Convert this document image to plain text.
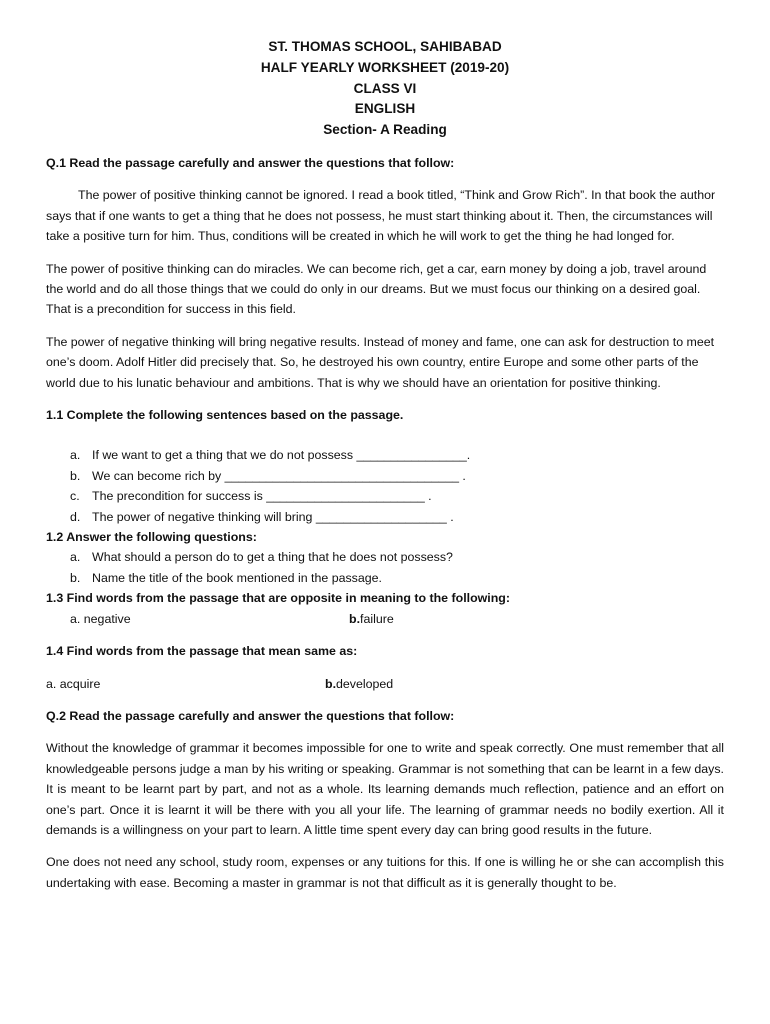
ST. THOMAS SCHOOL, SAHIBABAD
HALF YEARLY WORKSHEET (2019-20)
CLASS VI
ENGLISH
Section- A Reading

Q.1 Read the passage carefully and answer the questions that follow:

The power of positive thinking cannot be ignored. I read a book titled, “Think and Grow Rich”. In that book the author says that if one wants to get a thing that he does not possess, he must start thinking about it. Then, the circumstances will take a positive turn for him. Thus, conditions will be created in which he will work to get the thing he had longed for.

The power of positive thinking can do miracles. We can become rich, get a car, earn money by doing a job, travel around the world and do all those things that we could do only in our dreams. But we must focus our thinking on a desired goal. That is a precondition for success in this field.

The power of negative thinking will bring negative results. Instead of money and fame, one can ask for destruction to meet one’s doom. Adolf Hitler did precisely that. So, he destroyed his own country, entire Europe and some other parts of the world due to his lunatic behaviour and ambitions. That is why we should have an orientation for positive thinking.

1.1 Complete the following sentences based on the passage.

a. If we want to get a thing that we do not possess ________________.
b. We can become rich by __________________________________ .
c. The precondition for success is _______________________ .
d. The power of negative thinking will bring ___________________ .

1.2 Answer the following questions:

a. What should a person do to get a thing that he does not possess?
b. Name the title of the book mentioned in the passage.

1.3 Find words from the passage that are opposite in meaning to the following:

a. negative	b.failure

1.4 Find words from the passage that mean same as:

a. acquire	b.developed

Q.2 Read the passage carefully and answer the questions that follow:

Without the knowledge of grammar it becomes impossible for one to write and speak correctly. One must remember that all knowledgeable persons judge a man by his writing or speaking. Grammar is not something that can be learnt in a few days. It is meant to be learnt part by part, and not as a whole. Its learning demands much reflection, patience and an effort on one’s part. Once it is learnt it will be there with you all your life. The learning of grammar needs no bodily exertion. All it demands is a willingness on your part to learn. A little time spent every day can bring good results in the future.

One does not need any school, study room, expenses or any tuitions for this. If one is willing he or she can accomplish this undertaking with ease. Becoming a master in grammar is not that difficult as it is generally thought to be.
